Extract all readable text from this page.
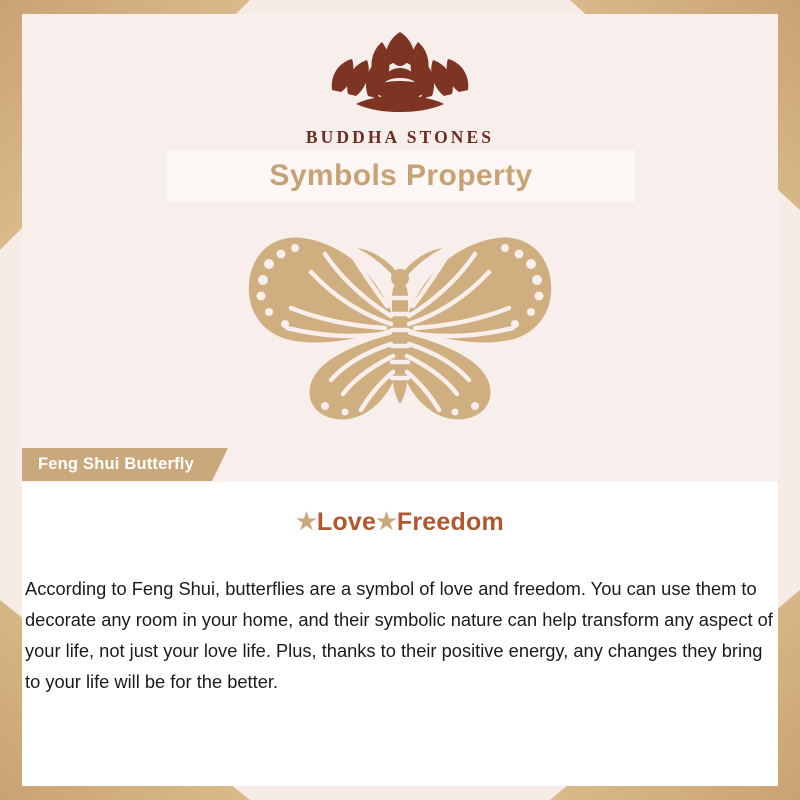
BUDDHA STONES
Symbols Property
Feng Shui Butterfly
★Love★Freedom

According to Feng Shui, butterflies are a symbol of love and freedom. You can use them to decorate any room in your home, and their symbolic nature can help transform any aspect of your life, not just your love life. Plus, thanks to their positive energy, any changes they bring to your life will be for the better.
